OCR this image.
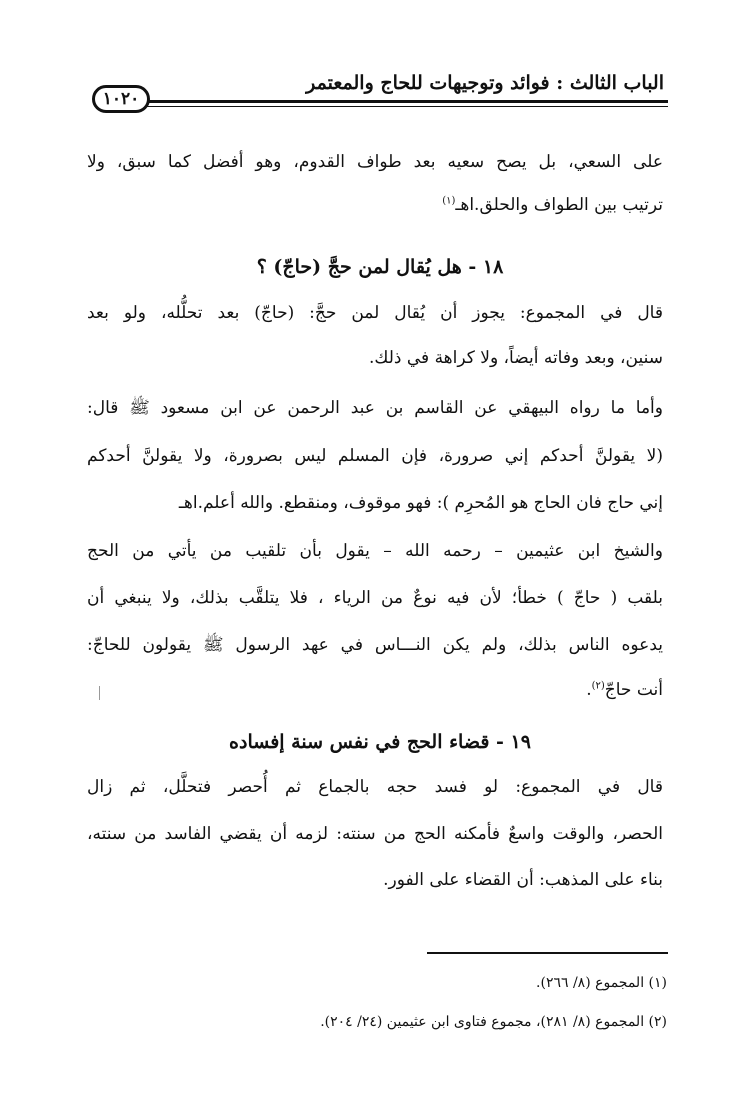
١٠٢٠
الباب الثالث : فوائد وتوجيهات للحاج والمعتمر
على السعي، بل يصح سعيه بعد طواف القدوم، وهو أفضل كما سبق، ولا
ترتيب بين الطواف والحلق.اهـ$^{(١)}$
١٨ - هل يُقال لمن حجَّ (حاجّ) ؟
قال في المجموع: يجوز أن يُقال لمن حجَّ: (حاجّ) بعد تحلُّله، ولو بعد
سنين، وبعد وفاته أيضاً، ولا كراهة في ذلك.
وأما ما رواه البيهقي عن القاسم بن عبد الرحمن عن ابن مسعود ﷺ قال:
(لا يقولنَّ أحدكم إني صرورة، فإن المسلم ليس بصرورة، ولا يقولنَّ أحدكم
إني حاج فان الحاج هو المُحرِم ): فهو موقوف، ومنقطع. والله أعلم.اهـ
والشيخ ابن عثيمين – رحمه الله – يقول بأن تلقيب من يأتي من الحج
بلقب ( حاجّ ) خطأ؛ لأن فيه نوعٌ من الرياء ، فلا يتلقَّب بذلك، ولا ينبغي أن
يدعوه الناس بذلك، ولم يكن النـــاس في عهد الرسول ﷺ يقولون للحاجّ:
أنت حاجّ$^{(٢)}$.
١٩ - قضاء الحج في نفس سنة إفساده
قال في المجموع: لو فسد حجه بالجماع ثم أُحصر فتحلَّل، ثم زال
الحصر، والوقت واسعٌ فأمكنه الحج من سنته: لزمه أن يقضي الفاسد من سنته،
بناء على المذهب: أن القضاء على الفور.
(١) المجموع (٨/ ٢٦٦).
(٢) المجموع (٨/ ٢٨١)، مجموع فتاوى ابن عثيمين (٢٤/ ٢٠٤).
